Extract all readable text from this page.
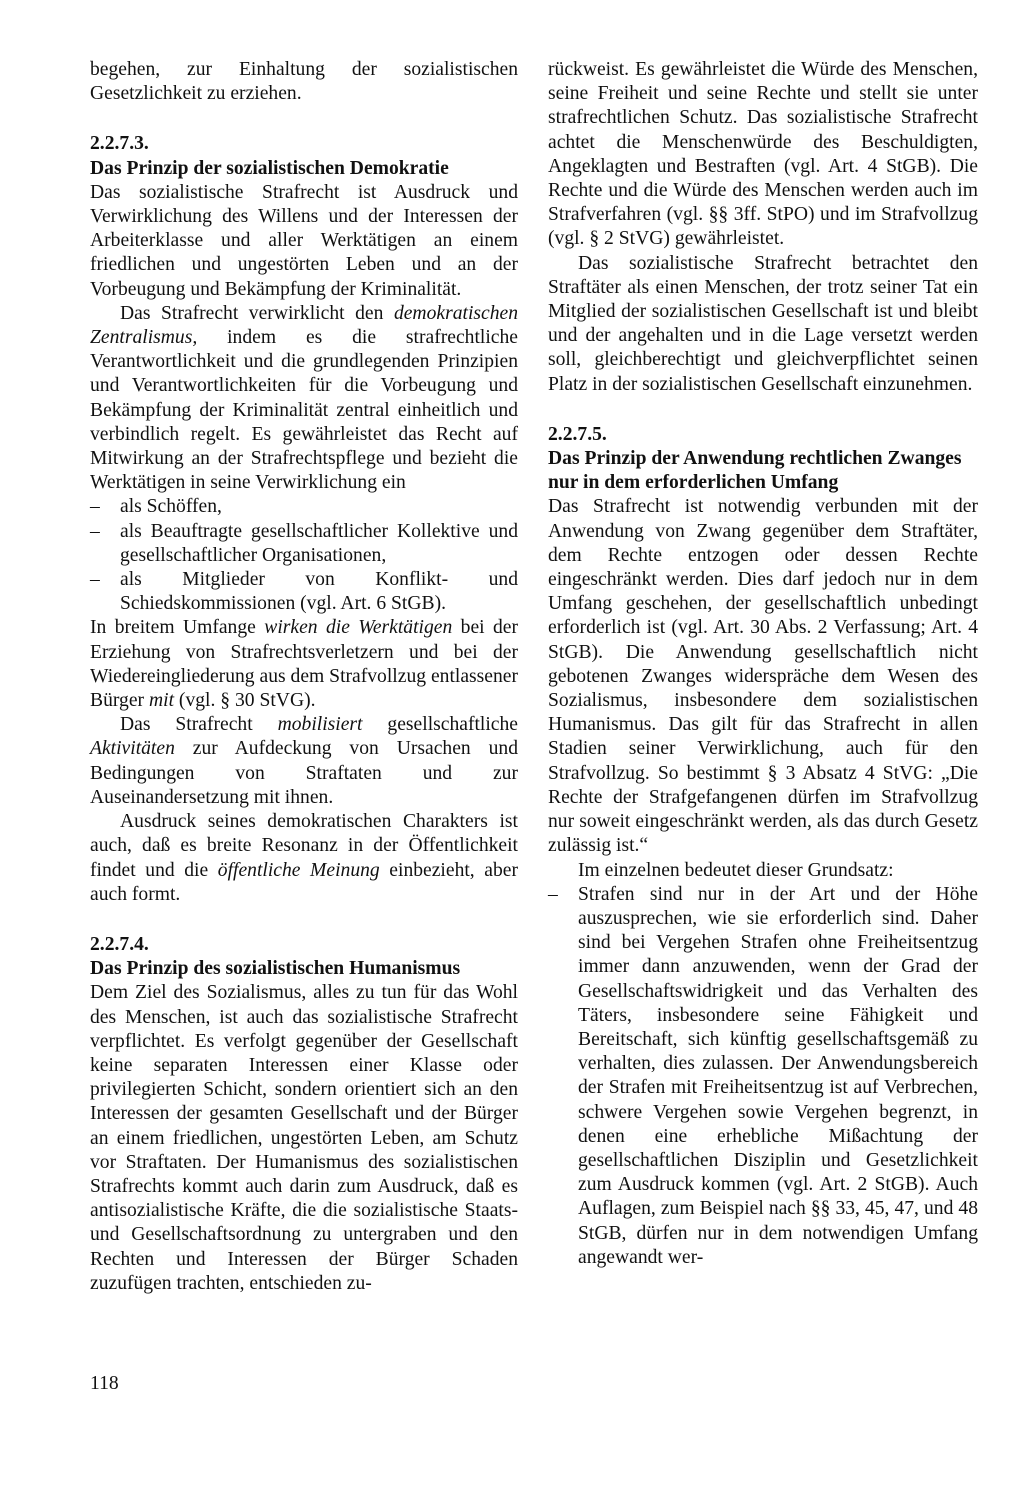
begehen, zur Einhaltung der sozialistischen Gesetzlichkeit zu erziehen.

2.2.7.3.

Das Prinzip der sozialistischen Demokratie

Das sozialistische Strafrecht ist Ausdruck und Verwirklichung des Willens und der Interessen der Arbeiterklasse und aller Werktätigen an einem friedlichen und ungestörten Leben und an der Vorbeugung und Bekämpfung der Kriminalität.

Das Strafrecht verwirklicht den demokratischen Zentralismus, indem es die strafrechtliche Verantwortlichkeit und die grundlegenden Prinzipien und Verantwortlichkeiten für die Vorbeugung und Bekämpfung der Kriminalität zentral einheitlich und verbindlich regelt. Es gewährleistet das Recht auf Mitwirkung an der Strafrechtspflege und bezieht die Werktätigen in seine Verwirklichung ein

– als Schöffen,

– als Beauftragte gesellschaftlicher Kollektive und gesellschaftlicher Organisationen,

– als Mitglieder von Konflikt- und Schiedskommissionen (vgl. Art. 6 StGB).

In breitem Umfange wirken die Werktätigen bei der Erziehung von Strafrechtsverletzern und bei der Wiedereingliederung aus dem Strafvollzug entlassener Bürger mit (vgl. § 30 StVG).

Das Strafrecht mobilisiert gesellschaftliche Aktivitäten zur Aufdeckung von Ursachen und Bedingungen von Straftaten und zur Auseinandersetzung mit ihnen.

Ausdruck seines demokratischen Charakters ist auch, daß es breite Resonanz in der Öffentlichkeit findet und die öffentliche Meinung einbezieht, aber auch formt.

2.2.7.4.

Das Prinzip des sozialistischen Humanismus

Dem Ziel des Sozialismus, alles zu tun für das Wohl des Menschen, ist auch das sozialistische Strafrecht verpflichtet. Es verfolgt gegenüber der Gesellschaft keine separaten Interessen einer Klasse oder privilegierten Schicht, sondern orientiert sich an den Interessen der gesamten Gesellschaft und der Bürger an einem friedlichen, ungestörten Leben, am Schutz vor Straftaten. Der Humanismus des sozialistischen Strafrechts kommt auch darin zum Ausdruck, daß es antisozialistische Kräfte, die die sozialistische Staats- und Gesellschaftsordnung zu untergraben und den Rechten und Interessen der Bürger Schaden zuzufügen trachten, entschieden zu-

rückweist. Es gewährleistet die Würde des Menschen, seine Freiheit und seine Rechte und stellt sie unter strafrechtlichen Schutz. Das sozialistische Strafrecht achtet die Menschenwürde des Beschuldigten, Angeklagten und Bestraften (vgl. Art. 4 StGB). Die Rechte und die Würde des Menschen werden auch im Strafverfahren (vgl. §§ 3ff. StPO) und im Strafvollzug (vgl. § 2 StVG) gewährleistet.

Das sozialistische Strafrecht betrachtet den Straftäter als einen Menschen, der trotz seiner Tat ein Mitglied der sozialistischen Gesellschaft ist und bleibt und der angehalten und in die Lage versetzt werden soll, gleichberechtigt und gleichverpflichtet seinen Platz in der sozialistischen Gesellschaft einzunehmen.

2.2.7.5.

Das Prinzip der Anwendung rechtlichen Zwanges nur in dem erforderlichen Umfang

Das Strafrecht ist notwendig verbunden mit der Anwendung von Zwang gegenüber dem Straftäter, dem Rechte entzogen oder dessen Rechte eingeschränkt werden. Dies darf jedoch nur in dem Umfang geschehen, der gesellschaftlich unbedingt erforderlich ist (vgl. Art. 30 Abs. 2 Verfassung; Art. 4 StGB). Die Anwendung gesellschaftlich nicht gebotenen Zwanges widerspräche dem Wesen des Sozialismus, insbesondere dem sozialistischen Humanismus. Das gilt für das Strafrecht in allen Stadien seiner Verwirklichung, auch für den Strafvollzug. So bestimmt § 3 Absatz 4 StVG: „Die Rechte der Strafgefangenen dürfen im Strafvollzug nur soweit eingeschränkt werden, als das durch Gesetz zulässig ist.“

Im einzelnen bedeutet dieser Grundsatz:

– Strafen sind nur in der Art und der Höhe auszusprechen, wie sie erforderlich sind. Daher sind bei Vergehen Strafen ohne Freiheitsentzug immer dann anzuwenden, wenn der Grad der Gesellschaftswidrigkeit und das Verhalten des Täters, insbesondere seine Fähigkeit und Bereitschaft, sich künftig gesellschaftsgemäß zu verhalten, dies zulassen. Der Anwendungsbereich der Strafen mit Freiheitsentzug ist auf Verbrechen, schwere Vergehen sowie Vergehen begrenzt, in denen eine erhebliche Mißachtung der gesellschaftlichen Disziplin und Gesetzlichkeit zum Ausdruck kommen (vgl. Art. 2 StGB). Auch Auflagen, zum Beispiel nach §§ 33, 45, 47, und 48 StGB, dürfen nur in dem notwendigen Umfang angewandt wer-

118
